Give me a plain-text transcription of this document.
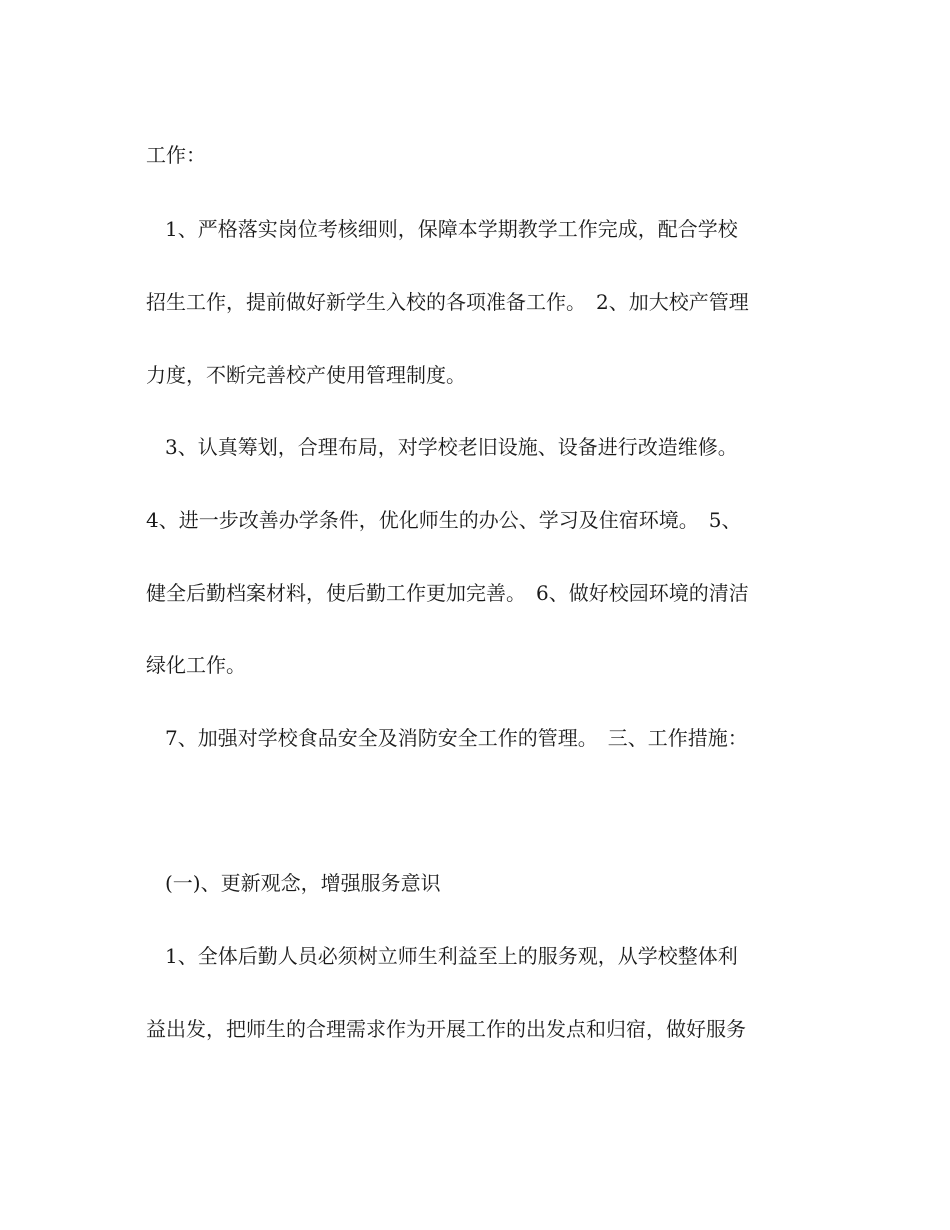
工作：
1、严格落实岗位考核细则，保障本学期教学工作完成，配合学校
招生工作，提前做好新学生入校的各项准备工作。　2、加大校产管理
力度，不断完善校产使用管理制度。
3、认真筹划，合理布局，对学校老旧设施、设备进行改造维修。
4、进一步改善办学条件，优化师生的办公、学习及住宿环境。　5、
健全后勤档案材料，使后勤工作更加完善。　6、做好校园环境的清洁
绿化工作。
7、加强对学校食品安全及消防安全工作的管理。　三、工作措施：
(一)、更新观念，增强服务意识
1、全体后勤人员必须树立师生利益至上的服务观，从学校整体利
益出发，把师生的合理需求作为开展工作的出发点和归宿，做好服务
